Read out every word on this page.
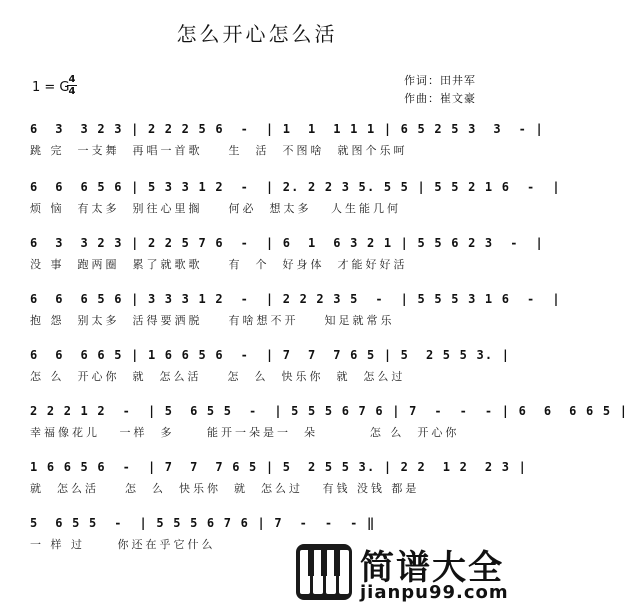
怎么开心怎么活
1 = G
4
4
作词：田井军
作曲：崔文豪
6  3  3 2 3 | 2 2 2 5 6  -  | 1  1  1 1 1 | 6 5 2 5 3  3  - |
跳 完  一支舞  再唱一首歌    生  活  不图啥  就图个乐呵
6  6  6 5 6 | 5 3 3 1 2  -  | 2. 2 2 3 5. 5 5 | 5 5 2 1 6  -  |
烦 恼  有太多  别往心里搁    何必  想太多   人生能几何
6  3  3 2 3 | 2 2 5 7 6  -  | 6  1  6 3 2 1 | 5 5 6 2 3  -  |
没 事  跑两圈  累了就歌歌    有  个  好身体  才能好好活
6  6  6 5 6 | 3 3 3 1 2  -  | 2 2 2 3 5  -  | 5 5 5 3 1 6  -  |
抱 怨  别太多  活得要洒脱    有啥想不开    知足就常乐
6  6  6 6 5 | 1 6 6 5 6  -  | 7  7  7 6 5 | 5  2 5 5 3. |
怎 么  开心你  就  怎么活    怎  么  快乐你  就  怎么过
2 2 2 1 2  -  | 5  6 5 5  -  | 5 5 5 6 7 6 | 7  -  -  - | 6  6  6 6 5 |
幸福像花儿   一样  多     能开一朵是一  朵        怎 么  开心你
1 6 6 5 6  -  | 7  7  7 6 5 | 5  2 5 5 3. | 2 2  1 2  2 3 |
就  怎么活    怎  么  快乐你  就  怎么过   有钱 没钱 都是
5  6 5 5  -  | 5 5 5 6 7 6 | 7  -  -  - ‖
一 样 过     你还在乎它什么
简谱大全
jianpu99.com
